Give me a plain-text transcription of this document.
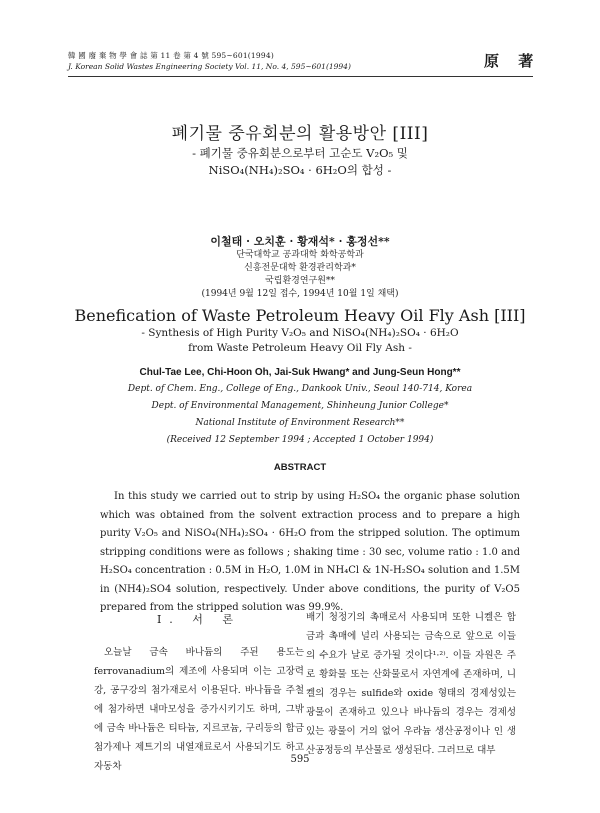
韓 國 廢 棄 物 學 會 誌 第 11 卷 第 4 號 595~601(1994)
J. Korean Solid Wastes Engineering Society Vol. 11, No. 4, 595~601(1994)	原 著
폐기물 중유회분의 활용방안 [III]
- 폐기물 중유회분으로부터 고순도 V₂O₅ 및
NiSO₄(NH₄)₂SO₄ · 6H₂O의 합성 -
이철태 · 오치훈 · 황재석* · 홍정선**
단국대학교 공과대학 화학공학과
신흥전문대학 환경관리학과*
국립환경연구원**
Benefication of Waste Petroleum Heavy Oil Fly Ash [III]
- Synthesis of High Purity V₂O₅ and NiSO₄(NH₄)₂SO₄ · 6H₂O
from Waste Petroleum Heavy Oil Fly Ash -
Chul-Tae Lee, Chi-Hoon Oh, Jai-Suk Hwang* and Jung-Seun Hong**
Dept. of Chem. Eng., College of Eng., Dankook Univ., Seoul 140-714, Korea
Dept. of Environmental Management, Shinheung Junior College*
National Institute of Environment Research**
(Received 12 September 1994 ; Accepted 1 October 1994)
ABSTRACT

In this study we carried out to strip by using H₂SO₄ the organic phase solution which was obtained from the solvent extraction process and to prepare a high purity V₂O₅ and NiSO₄(NH₄)₂SO₄ · 6H₂O from the stripped solution. The optimum stripping conditions were as follows ; shaking time : 30 sec, volume ratio : 1.0 and H₂SO₄ concentration : 0.5M in H₂O, 1.0M in NH₄Cl & 1N-H₂SO₄ solution and 1.5M in (NH4)₂SO4 solution, respectively. Under above conditions, the purity of V₂O5 prepared from the stripped solution was 99.9%.

I. 서 론

오늘날 금속 바나듐의 주된 용도는 ferrovanadium의 제조에 사용되며 이는 고장력강, 공구강의 첨가재로서 이용된다. 바나듐을 주철에 첨가하면 내마모성을 증가시키기도 하며, 그밖에 금속 바나듐은 티타늄, 지르코늄, 구리등의 합금첨가제나 제트기의 내열재료로서 사용되기도 하고 자동차

배기 청정기의 촉매로서 사용되며 또한 니켈은 합금과 촉매에 널리 사용되는 금속으로 앞으로 이들의 수요가 날로 증가될 것이다¹·²⁾. 이들 자원은 주로 황화물 또는 산화물로서 자연계에 존재하며, 니켈의 경우는 sulfide와 oxide 형태의 경제성있는 광물이 존재하고 있으나 바나듐의 경우는 경제성 있는 광물이 거의 없어 우라늄 생산공정이나 인 생산공정등의 부산물로 생성된다. 그러므로 대부

595
(1994년 9월 12일 접수, 1994년 10월 1일 채택)
